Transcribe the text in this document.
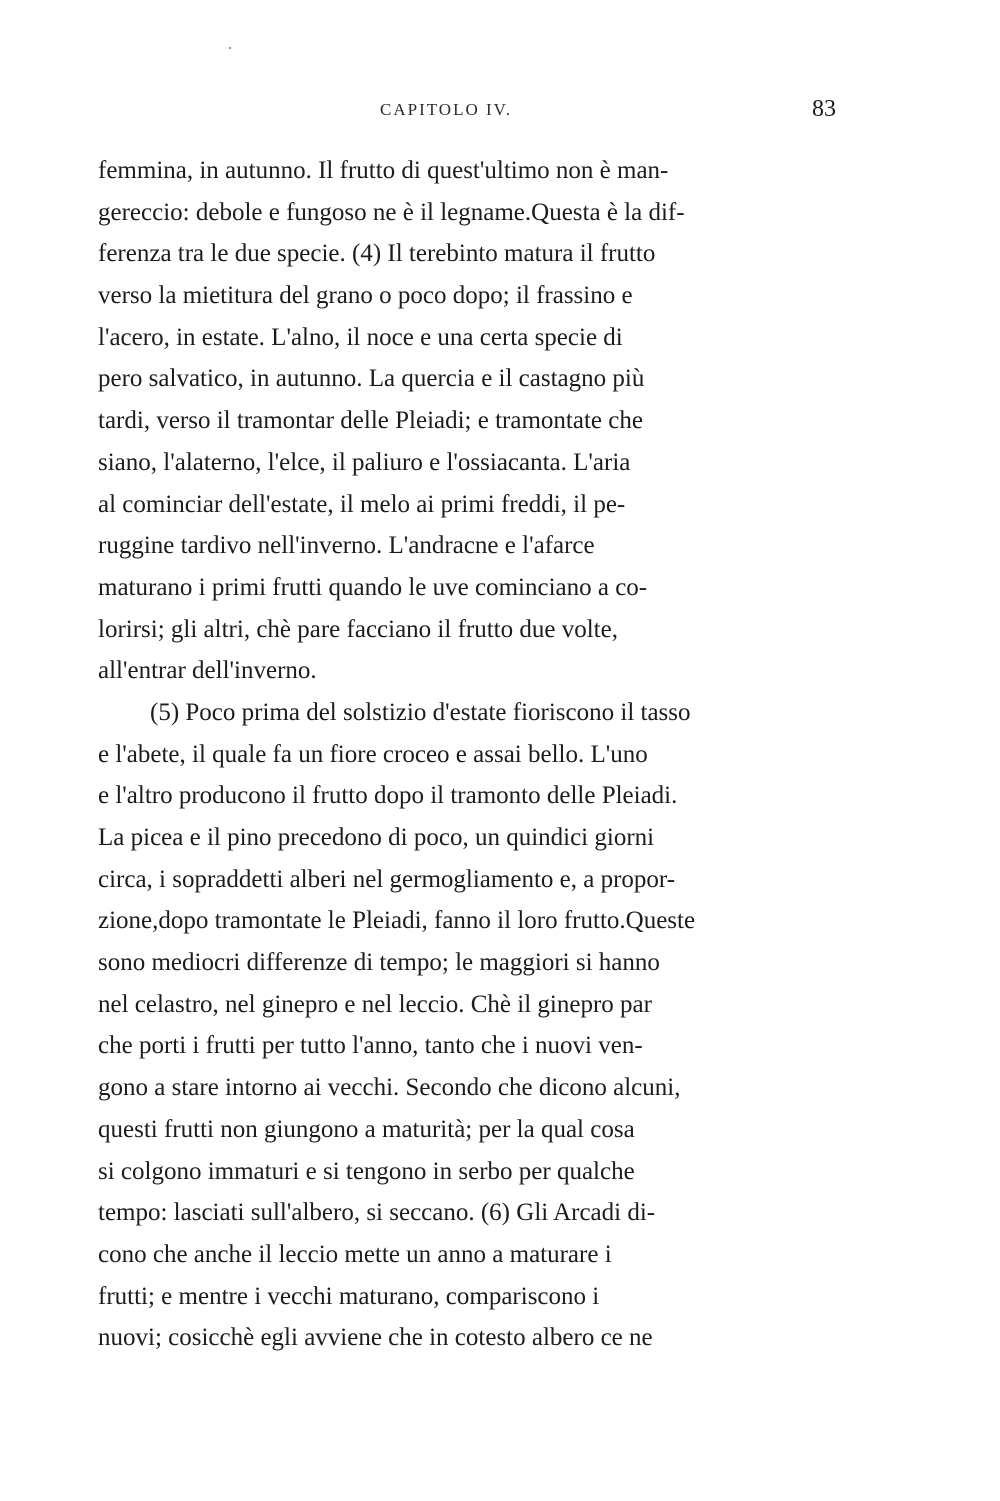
CAPITOLO IV.	83
femmina, in autunno. Il frutto di quest'ultimo non è man-
gereccio: debole e fungoso ne è il legname.Questa è la dif-
ferenza tra le due specie. (4) Il terebinto matura il frutto
verso la mietitura del grano o poco dopo; il frassino e
l'acero, in estate. L'alno, il noce e una certa specie di
pero salvatico, in autunno. La quercia e il castagno più
tardi, verso il tramontar delle Pleiadi; e tramontate che
siano, l'alaterno, l'elce, il paliuro e l'ossiacanta. L'aria
al cominciar dell'estate, il melo ai primi freddi, il pe-
ruggine tardivo nell'inverno. L'andracne e l'afarce
maturano i primi frutti quando le uve cominciano a co-
lorirsi; gli altri, chè pare facciano il frutto due volte,
all'entrar dell'inverno.
(5) Poco prima del solstizio d'estate fioriscono il tasso
e l'abete, il quale fa un fiore croceo e assai bello. L'uno
e l'altro producono il frutto dopo il tramonto delle Pleiadi.
La picea e il pino precedono di poco, un quindici giorni
circa, i sopraddetti alberi nel germogliamento e, a propor-
zione,dopo tramontate le Pleiadi, fanno il loro frutto.Queste
sono mediocri differenze di tempo; le maggiori si hanno
nel celastro, nel ginepro e nel leccio. Chè il ginepro par
che porti i frutti per tutto l'anno, tanto che i nuovi ven-
gono a stare intorno ai vecchi. Secondo che dicono alcuni,
questi frutti non giungono a maturità; per la qual cosa
si colgono immaturi e si tengono in serbo per qualche
tempo: lasciati sull'albero, si seccano. (6) Gli Arcadi di-
cono che anche il leccio mette un anno a maturare i
frutti; e mentre i vecchi maturano, compariscono i
nuovi; cosicchè egli avviene che in cotesto albero ce ne
